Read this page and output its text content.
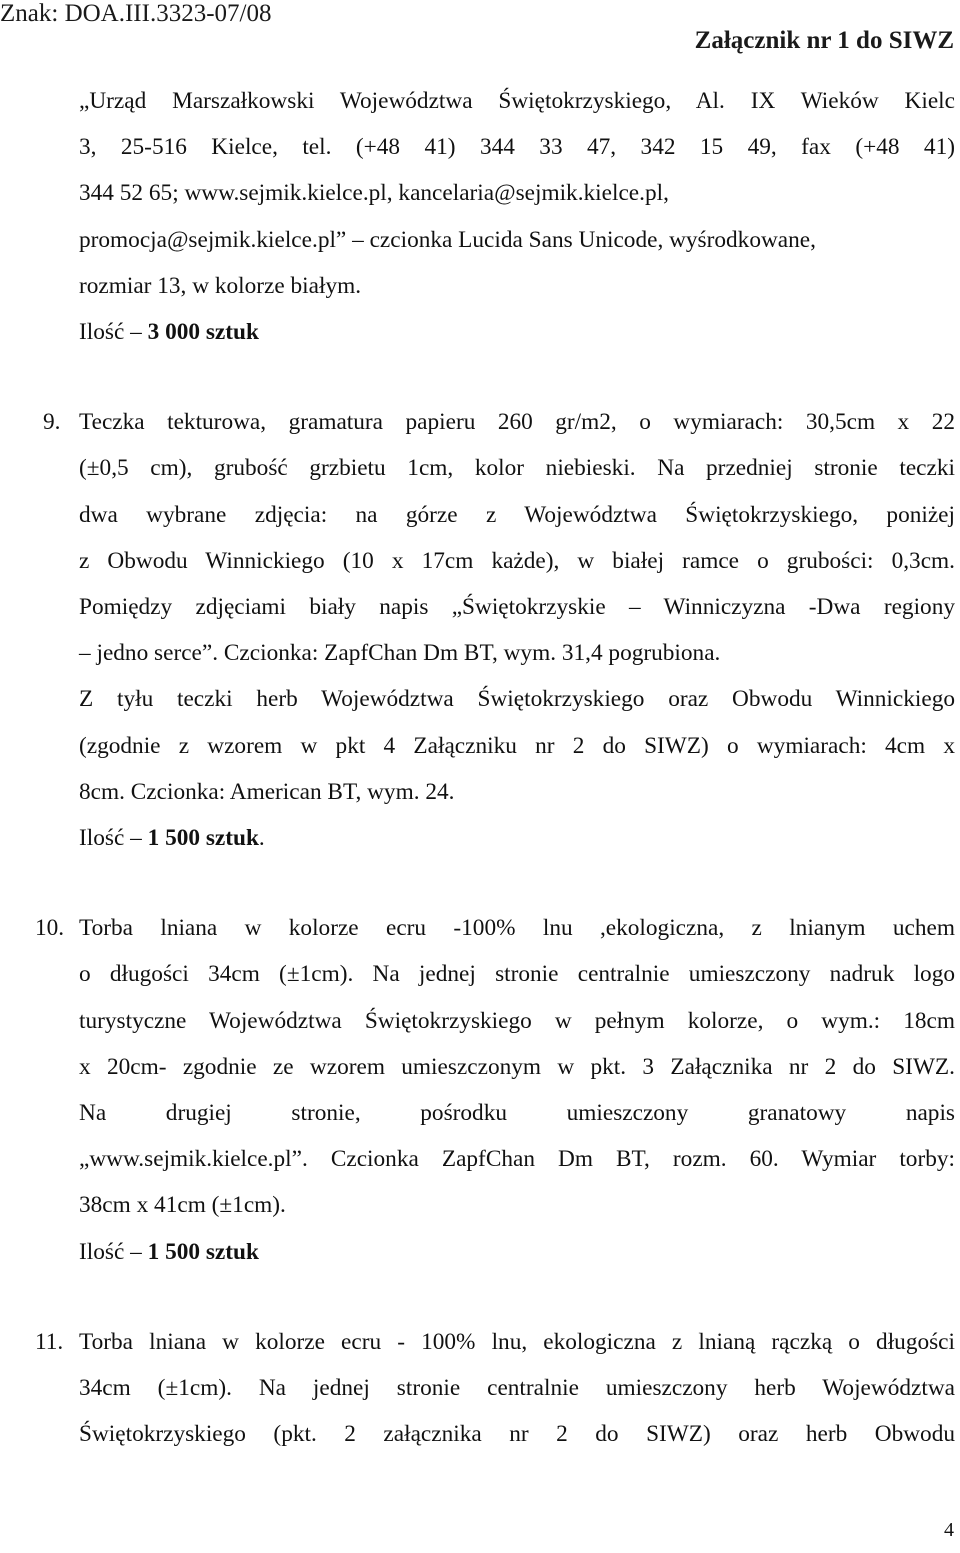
Znak: DOA.III.3323-07/08
Załącznik nr 1 do SIWZ

„Urząd Marszałkowski Województwa Świętokrzyskiego, Al. IX Wieków Kielc

3, 25-516 Kielce, tel. (+48 41) 344 33 47, 342 15 49, fax (+48 41)

344 52 65; www.sejmik.kielce.pl, kancelaria@sejmik.kielce.pl,

promocja@sejmik.kielce.pl” – czcionka Lucida Sans Unicode, wyśrodkowane,

rozmiar 13, w kolorze białym.

Ilość – 3 000 sztuk

9. Teczka tekturowa, gramatura papieru 260 gr/m2, o wymiarach: 30,5cm x 22

(±0,5 cm), grubość grzbietu 1cm, kolor niebieski. Na przedniej stronie teczki

dwa wybrane zdjęcia: na górze z Województwa Świętokrzyskiego, poniżej

z Obwodu Winnickiego (10 x 17cm każde), w białej ramce o grubości: 0,3cm.

Pomiędzy zdjęciami biały napis „Świętokrzyskie – Winniczyzna -Dwa regiony

– jedno serce”. Czcionka: ZapfChan Dm BT, wym. 31,4 pogrubiona.

Z tyłu teczki herb Województwa Świętokrzyskiego oraz Obwodu Winnickiego

(zgodnie z wzorem w pkt 4 Załączniku nr 2 do SIWZ) o wymiarach: 4cm x

8cm. Czcionka: American BT, wym. 24.

Ilość – 1 500 sztuk.

10. Torba lniana w kolorze ecru -100% lnu ,ekologiczna, z lnianym uchem

o długości 34cm (±1cm). Na jednej stronie centralnie umieszczony nadruk logo

turystyczne Województwa Świętokrzyskiego w pełnym kolorze, o wym.: 18cm

x 20cm- zgodnie ze wzorem umieszczonym w pkt. 3 Załącznika nr 2 do SIWZ.

Na drugiej stronie, pośrodku umieszczony granatowy napis

„www.sejmik.kielce.pl”. Czcionka ZapfChan Dm BT, rozm. 60. Wymiar torby:

38cm x 41cm (±1cm).

Ilość – 1 500 sztuk

11. Torba lniana w kolorze ecru - 100% lnu, ekologiczna z lnianą rączką o długości

34cm (±1cm). Na jednej stronie centralnie umieszczony herb Województwa

Świętokrzyskiego (pkt. 2 załącznika nr 2 do SIWZ) oraz herb Obwodu

4
